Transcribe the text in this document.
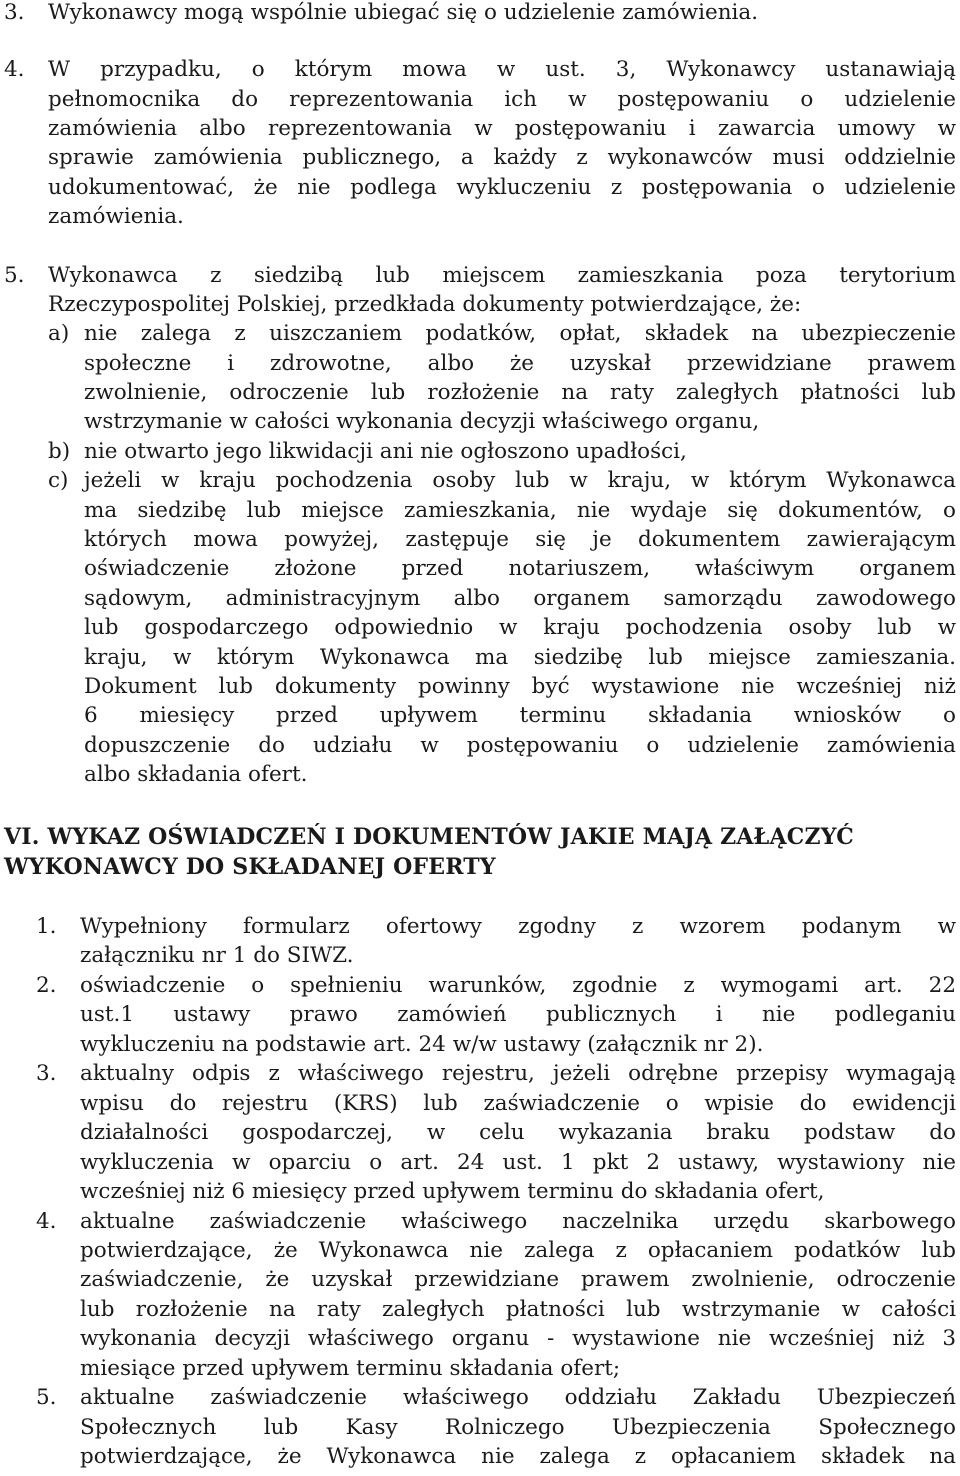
3. Wykonawcy mogą wspólnie ubiegać się o udzielenie zamówienia.
4. W przypadku, o którym mowa w ust. 3, Wykonawcy ustanawiają
pełnomocnika do reprezentowania ich w postępowaniu o udzielenie
zamówienia albo reprezentowania w postępowaniu i zawarcia umowy w
sprawie zamówienia publicznego, a każdy z wykonawców musi oddzielnie
udokumentować, że nie podlega wykluczeniu z postępowania o udzielenie
zamówienia.
5. Wykonawca z siedzibą lub miejscem zamieszkania poza terytorium
Rzeczypospolitej Polskiej, przedkłada dokumenty potwierdzające, że:
a) nie zalega z uiszczaniem podatków, opłat, składek na ubezpieczenie
społeczne i zdrowotne, albo że uzyskał przewidziane prawem
zwolnienie, odroczenie lub rozłożenie na raty zaległych płatności lub
wstrzymanie w całości wykonania decyzji właściwego organu,
b) nie otwarto jego likwidacji ani nie ogłoszono upadłości,
c) jeżeli w kraju pochodzenia osoby lub w kraju, w którym Wykonawca
ma siedzibę lub miejsce zamieszkania, nie wydaje się dokumentów, o
których mowa powyżej, zastępuje się je dokumentem zawierającym
oświadczenie złożone przed notariuszem, właściwym organem
sądowym, administracyjnym albo organem samorządu zawodowego
lub gospodarczego odpowiednio w kraju pochodzenia osoby lub w
kraju, w którym Wykonawca ma siedzibę lub miejsce zamieszania.
Dokument lub dokumenty powinny być wystawione nie wcześniej niż
6 miesięcy przed upływem terminu składania wniosków o
dopuszczenie do udziału w postępowaniu o udzielenie zamówienia
albo składania ofert.
VI. WYKAZ OŚWIADCZEŃ I DOKUMENTÓW JAKIE MAJĄ ZAŁĄCZYĆ
WYKONAWCY DO SKŁADANEJ OFERTY
1. Wypełniony formularz ofertowy zgodny z wzorem podanym w
załączniku nr 1 do SIWZ.
2. oświadczenie o spełnieniu warunków, zgodnie z wymogami art. 22
ust.1 ustawy prawo zamówień publicznych i nie podleganiu
wykluczeniu na podstawie art. 24 w/w ustawy (załącznik nr 2).
3. aktualny odpis z właściwego rejestru, jeżeli odrębne przepisy wymagają
wpisu do rejestru (KRS) lub zaświadczenie o wpisie do ewidencji
działalności gospodarczej, w celu wykazania braku podstaw do
wykluczenia w oparciu o art. 24 ust. 1 pkt 2 ustawy, wystawiony nie
wcześniej niż 6 miesięcy przed upływem terminu do składania ofert,
4. aktualne zaświadczenie właściwego naczelnika urzędu skarbowego
potwierdzające, że Wykonawca nie zalega z opłacaniem podatków lub
zaświadczenie, że uzyskał przewidziane prawem zwolnienie, odroczenie
lub rozłożenie na raty zaległych płatności lub wstrzymanie w całości
wykonania decyzji właściwego organu - wystawione nie wcześniej niż 3
miesiące przed upływem terminu składania ofert;
5. aktualne zaświadczenie właściwego oddziału Zakładu Ubezpieczeń
Społecznych lub Kasy Rolniczego Ubezpieczenia Społecznego
potwierdzające, że Wykonawca nie zalega z opłacaniem składek na
